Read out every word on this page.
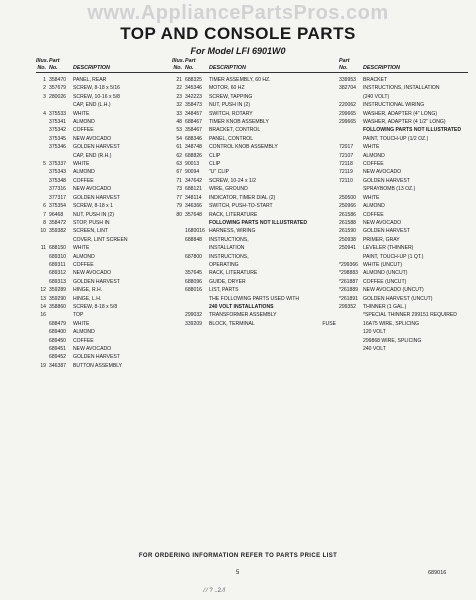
www.AppliancePartsPros.com
TOP AND CONSOLE PARTS
For Model LFI 6901W0
Illus. Part
No. No.	DESCRIPTION
1 358470	PANEL, REAR
2 357679	SCREW, 8-18 x 5/16
3 280026	SCREW, 10-16 x 5/8
CAP, END (L.H.)
4 375533	WHITE
375341	ALMOND
375342	COFFEE
375345	NEW AVOCADO
375346	GOLDEN HARVEST
CAP, END (R.H.)
5 375337	WHITE
375343	ALMOND
375348	COFFEE
377316	NEW AVOCADO
377317	GOLDEN HARVEST
6 375354	SCREW, 8-18 x 1
7 96468	NUT, PUSH IN (2)
8 358472	STOP, PUSH IN
10 359382	SCREEN, LINT
COVER, LINT SCREEN
11 688150	WHITE
689310	ALMOND
689311	COFFEE
689312	NEW AVOCADO
689313	GOLDEN HARVEST
12 359289	HINGE, R.H.
13 359290	HINGE, L.H.
14 358860	SCREW, 8-18 x 5/8
16	TOP
688479	WHITE
689400	ALMOND
689450	COFFEE
689451	NEW AVOCADO
689452	GOLDEN HARVEST
19 346387	BUTTON ASSEMBLY
Illus. Part
No. No.	DESCRIPTION
21 688325	TIMER ASSEMBLY, 60 HZ.
22 345346	MOTOR, 60 HZ
23 342223	SCREW, TAPPING
32 358473	NUT, PUSH IN (2)
33 348457	SWITCH, ROTARY
48 688467	TIMER KNOB ASSEMBLY
53 358467	BRACKET, CONTROL
54 688346	PANEL, CONTROL
61 348748	CONTROL KNOB ASSEMBLY
62 688826	CLIP
63 90013	CLIP
67 90094	"U" CLIP
71 347642	SCREW, 10-24 x 1/2
73 688121	WIRE, GROUND
77 348114	INDICATOR, TIMER DIAL (2)
79 346366	SWITCH, PUSH-TO-START
80 357648	RACK, LITERATURE
FOLLOWING PARTS NOT ILLUSTRATED
1680016 HARNESS, WIRING
688848	INSTRUCTIONS,
INSTALLATION
687800	INSTRUCTIONS,
OPERATING
357645	RACK, LITERATURE
688096	GUIDE, DRYER
688016	LIST, PARTS
THE FOLLOWING PARTS USED WITH
240 VOLT INSTALLATIONS
299032	TRANSFORMER ASSEMBLY
339209	BLOCK, TERMINAL
Part
No.	DESCRIPTION
339953	BRACKET
382704	INSTRUCTIONS, INSTALLATION
(240 VOLT)
220062	INSTRUCTIONAL WIRING
299665	WASHER, ADAPTER (4" LONG)
299665	WASHER, ADAPTER (4 1/2" LONG)
FOLLOWING PARTS NOT ILLUSTRATED
PAINT, TOUCH-UP (1/2 OZ.)
72017	WHITE
72107	ALMOND
72118	COFFEE
72119	NEW AVOCADO
72110	GOLDEN HARVEST
SPRAYBOMB (13 OZ.)
250500	WHITE
250966	ALMOND
261586	COFFEE
261588	NEW AVOCADO
261590	GOLDEN HARVEST
250938	PRIMER, GRAY
250941	LEVELER (THINNER)
PAINT, TOUCH-UP (1 QT.)
*299366 WHITE (UNCUT)
*298883 ALMOND (UNCUT)
*261887 COFFEE (UNCUT)
*261889 NEW AVOCADO (UNCUT)
*261891 GOLDEN HARVEST (UNCUT)
299352	THINNER (1 GAL.)
*SPECIAL THINNER 299151 REQUIRED
FUSE	16A75 WIRE, SPLICING
120 VOLT
299868 WIRE, SPLICING
240 VOLT
FOR ORDERING INFORMATION REFER TO PARTS PRICE LIST
5	689016
⁄ ⁄ ? ..2 ⁄/
